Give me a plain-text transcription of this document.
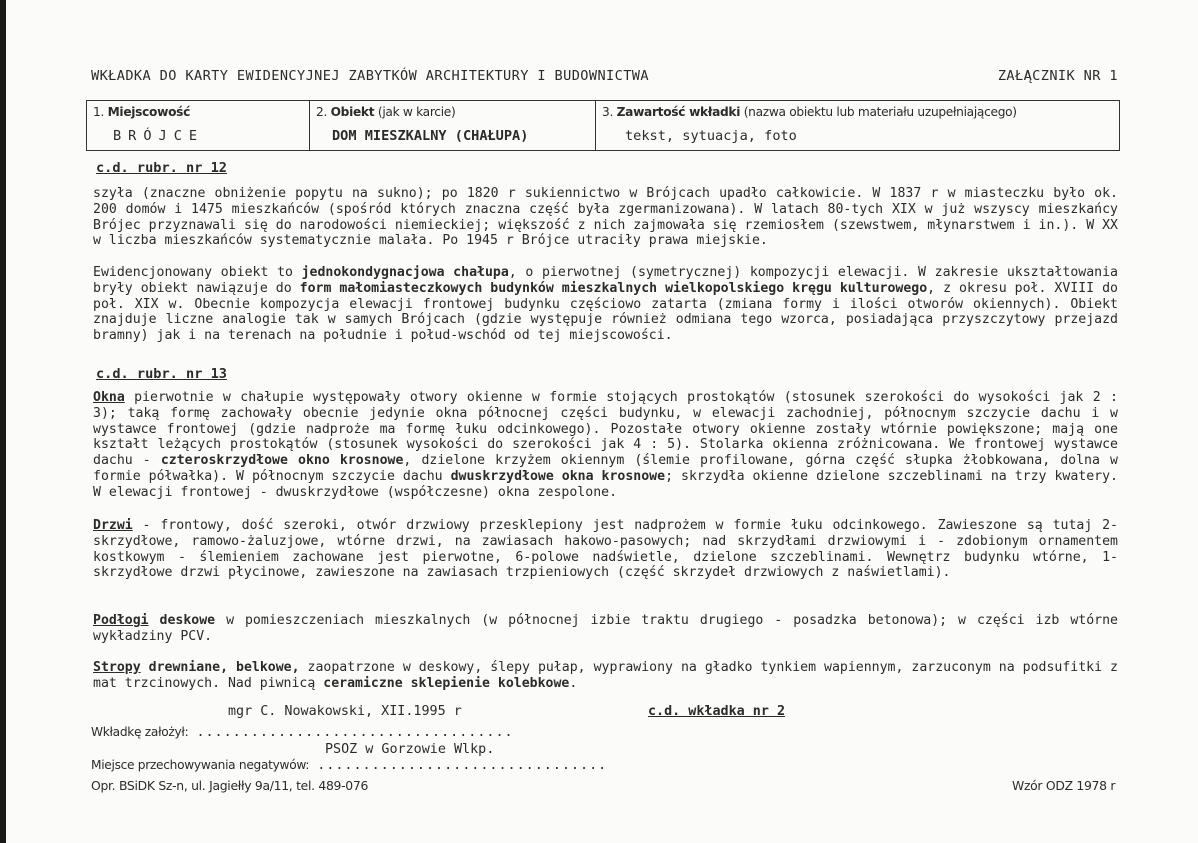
WKŁADKA DO KARTY EWIDENCYJNEJ ZABYTKÓW ARCHITEKTURY I BUDOWNICTWA	ZAŁĄCZNIK NR 1
1. Miejscowość
BRÓJCE
2. Obiekt (jak w karcie)
DOM MIESZKALNY (CHAŁUPA)
3. Zawartość wkładki (nazwa obiektu lub materiału uzupełniającego)
tekst, sytuacja, foto
c.d. rubr. nr 12

szyła (znaczne obniżenie popytu na sukno); po 1820 r sukiennictwo w Brójcach upadło całkowicie. W 1837 r w miasteczku było ok. 200 domów i 1475 mieszkańców (spośród których znaczna część była zgermanizowana). W latach 80-tych XIX w już wszyscy mieszkańcy Brójec przyznawali się do narodowości niemieckiej; większość z nich zajmowała się rzemiosłem (szewstwem, młynarstwem i in.). W XX w liczba mieszkańców systematycznie malała. Po 1945 r Brójce utraciły prawa miejskie.

Ewidencjonowany obiekt to jednokondygnacjowa chałupa, o pierwotnej (symetrycznej) kompozycji elewacji. W zakresie ukształtowania bryły obiekt nawiązuje do form małomiasteczkowych budynków mieszkalnych wielkopolskiego kręgu kulturowego, z okresu poł. XVIII do poł. XIX w. Obecnie kompozycja elewacji frontowej budynku częściowo zatarta (zmiana formy i ilości otworów okiennych). Obiekt znajduje liczne analogie tak w samych Brójcach (gdzie występuje również odmiana tego wzorca, posiadająca przyszczytowy przejazd bramny) jak i na terenach na południe i połud-wschód od tej miejscowości.

c.d. rubr. nr 13

Okna pierwotnie w chałupie występowały otwory okienne w formie stojących prostokątów (stosunek szerokości do wysokości jak 2 : 3); taką formę zachowały obecnie jedynie okna północnej części budynku, w elewacji zachodniej, północnym szczycie dachu i w wystawce frontowej (gdzie nadproże ma formę łuku odcinkowego). Pozostałe otwory okienne zostały wtórnie powiększone; mają one kształt leżących prostokątów (stosunek wysokości do szerokości jak 4 : 5). Stolarka okienna zróżnicowana. We frontowej wystawce dachu - czteroskrzydłowe okno krosnowe, dzielone krzyżem okiennym (ślemie profilowane, górna część słupka żłobkowana, dolna w formie półwałka). W północnym szczycie dachu dwuskrzydłowe okna krosnowe; skrzydła okienne dzielone szczeblinami na trzy kwatery. W elewacji frontowej - dwuskrzydłowe (współczesne) okna zespolone.

Drzwi - frontowy, dość szeroki, otwór drzwiowy przesklepiony jest nadprożem w formie łuku odcinkowego. Zawieszone są tutaj 2-skrzydłowe, ramowo-żaluzjowe, wtórne drzwi, na zawiasach hakowo-pasowych; nad skrzydłami drzwiowymi i - zdobionym ornamentem kostkowym - ślemieniem zachowane jest pierwotne, 6-polowe nadświetle, dzielone szczeblinami. Wewnętrz budynku wtórne, 1-skrzydłowe drzwi płycinowe, zawieszone na zawiasach trzpieniowych (część skrzydeł drzwiowych z naświetlami).

Podłogi deskowe w pomieszczeniach mieszkalnych (w północnej izbie traktu drugiego - posadzka betonowa); w części izb wtórne wykładziny PCV.

Stropy drewniane, belkowe, zaopatrzone w deskowy, ślepy pułap, wyprawiony na gładko tynkiem wapiennym, zarzuconym na podsufitki z mat trzcinowych. Nad piwnicą ceramiczne sklepienie kolebkowe.

mgr C. Nowakowski, XII.1995 r	c.d. wkładka nr 2
Wkładkę założył: ...................................
PSOZ w Gorzowie Wlkp.
Miejsce przechowywania negatywów: ................................
Opr. BSiDK Sz-n, ul. Jagiełły 9a/11, tel. 489-076	Wzór ODZ 1978 r
